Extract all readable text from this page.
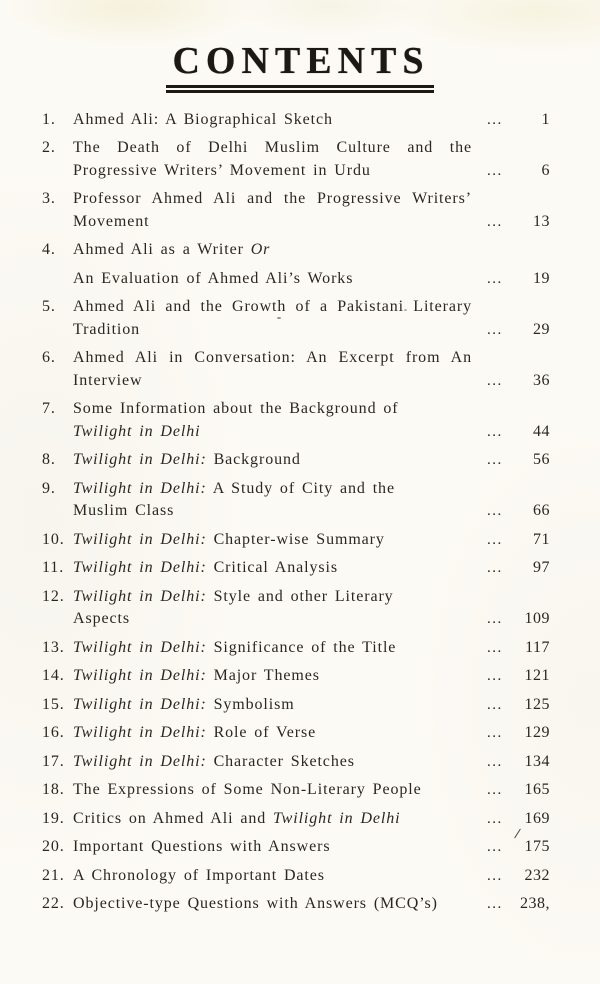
CONTENTS
1.	Ahmed Ali: A Biographical Sketch	... 1
2.	The Death of Delhi Muslim Culture and the
Progressive Writers’ Movement in Urdu	... 6
3.	Professor Ahmed Ali and the Progressive Writers’
Movement	... 13
4.	Ahmed Ali as a Writer Or
An Evaluation of Ahmed Ali’s Works	... 19
5.	Ahmed Ali and the Growth of a Pakistani Literary
Tradition	... 29
6.	Ahmed Ali in Conversation: An Excerpt from An
Interview	... 36
7.	Some Information about the Background of
Twilight in Delhi	... 44
8.	Twilight in Delhi: Background	... 56
9.	Twilight in Delhi: A Study of City and the
Muslim Class	... 66
10. Twilight in Delhi: Chapter-wise Summary	... 71
11. Twilight in Delhi: Critical Analysis	... 97
12. Twilight in Delhi: Style and other Literary
Aspects	... 109
13. Twilight in Delhi: Significance of the Title	... 117
14. Twilight in Delhi: Major Themes	... 121
15. Twilight in Delhi: Symbolism	... 125
16. Twilight in Delhi: Role of Verse	... 129
17. Twilight in Delhi: Character Sketches	... 134
18. The Expressions of Some Non-Literary People	... 165
19. Critics on Ahmed Ali and Twilight in Delhi	... 169
20. Important Questions with Answers	... 175
21. A Chronology of Important Dates	... 232
22. Objective-type Questions with Answers (MCQ’s)	... 238,
